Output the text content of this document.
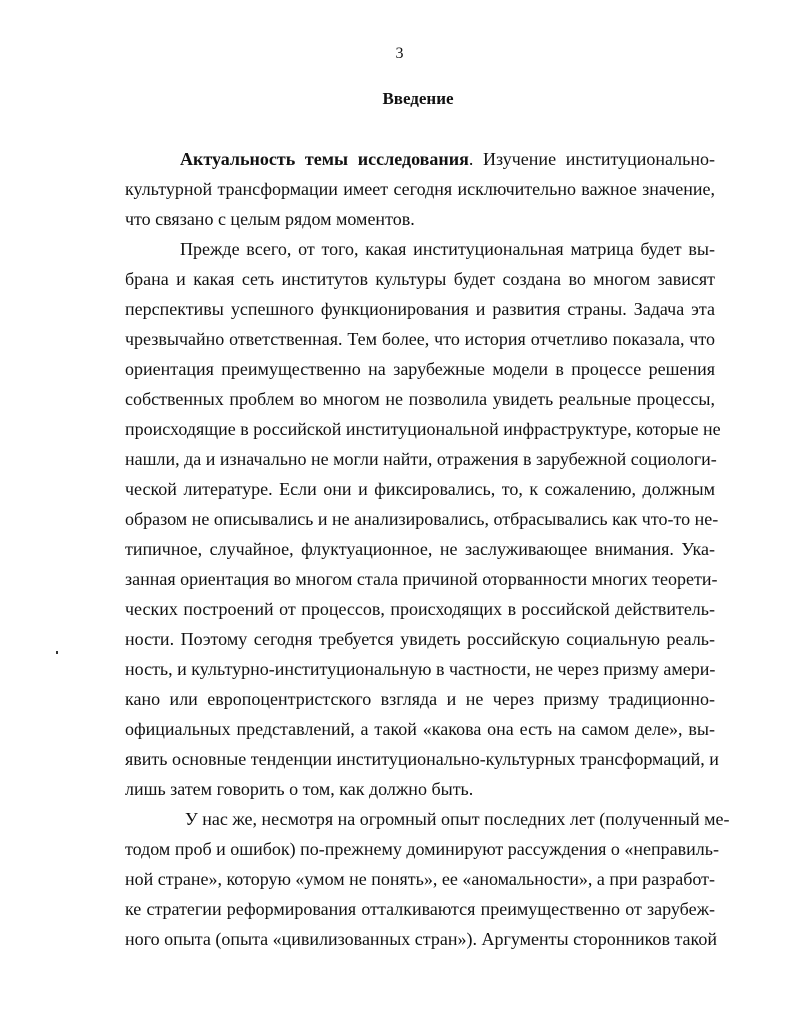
3
Введение
Актуальность темы исследования. Изучение институционально-
культурной трансформации имеет сегодня исключительно важное значение,
что связано с целым рядом моментов.
Прежде всего, от того, какая институциональная матрица будет вы-
брана и какая сеть институтов культуры будет создана во многом зависят
перспективы успешного функционирования и развития страны. Задача эта
чрезвычайно ответственная. Тем более, что история отчетливо показала, что
ориентация преимущественно на зарубежные модели в процессе решения
собственных проблем во многом не позволила увидеть реальные процессы,
происходящие в российской институциональной инфраструктуре, которые не
нашли, да и изначально не могли найти, отражения в зарубежной социологи-
ческой литературе. Если они и фиксировались, то, к сожалению, должным
образом не описывались и не анализировались, отбрасывались как что-то не-
типичное, случайное, флуктуационное, не заслуживающее внимания. Ука-
занная ориентация во многом стала причиной оторванности многих теорети-
ческих построений от процессов, происходящих в российской действитель-
ности. Поэтому сегодня требуется увидеть российскую социальную реаль-
ность, и культурно-институциональную в частности, не через призму амери-
кано или европоцентристского взгляда и не через призму традиционно-
официальных представлений, а такой «какова она есть на самом деле», вы-
явить основные тенденции институционально-культурных трансформаций, и
лишь затем говорить о том, как должно быть.
У нас же, несмотря на огромный опыт последних лет (полученный ме-
тодом проб и ошибок) по-прежнему доминируют рассуждения о «неправиль-
ной стране», которую «умом не понять», ее «аномальности», а при разработ-
ке стратегии реформирования отталкиваются преимущественно от зарубеж-
ного опыта (опыта «цивилизованных стран»). Аргументы сторонников такой
